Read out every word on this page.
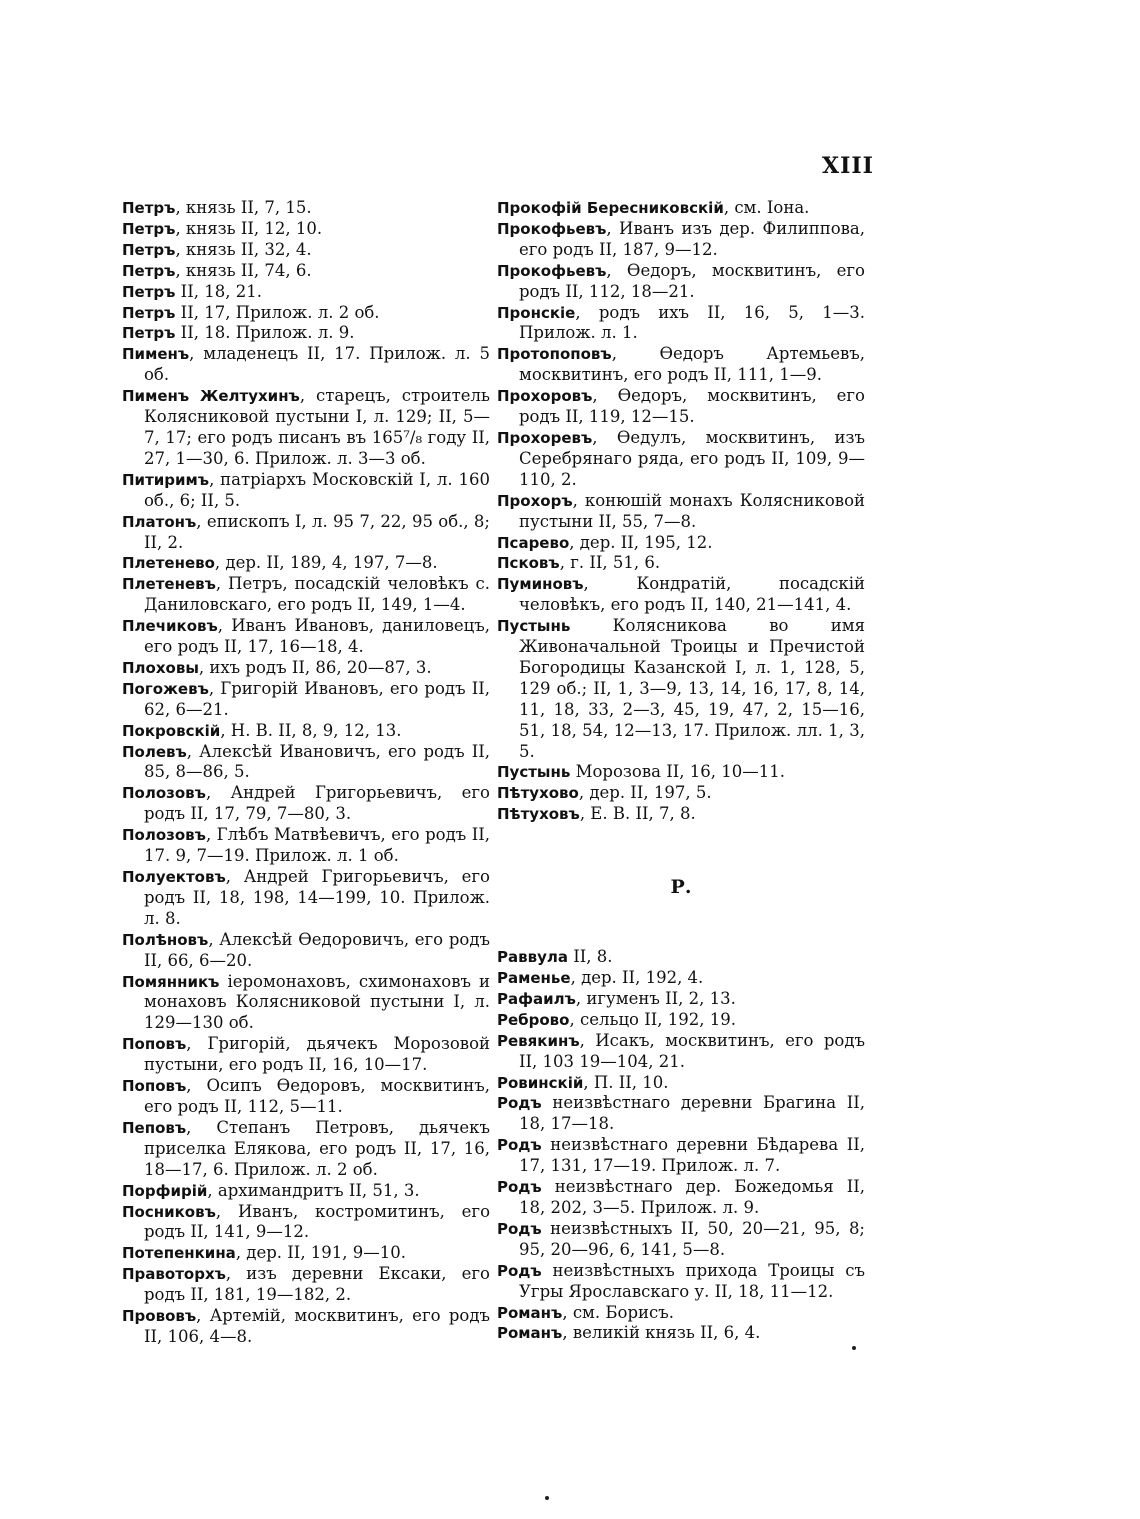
XIII

Петръ, князь II, 7, 15.

Петръ, князь II, 12, 10.

Петръ, князь II, 32, 4.

Петръ, князь II, 74, 6.

Петръ II, 18, 21.

Петръ II, 17, Прилож. л. 2 об.

Петръ II, 18. Прилож. л. 9.

Пименъ, младенецъ II, 17. Прилож. л. 5 об.

Пименъ Желтухинъ, старецъ, строитель Колясниковой пустыни I, л. 129; II, 5—7, 17; его родъ писанъ въ 165⁷/₈ году II, 27, 1—30, 6. Прилож. л. 3—3 об.

Питиримъ, патріархъ Московскій I, л. 160 об., 6; II, 5.

Платонъ, епископъ I, л. 95 7, 22, 95 об., 8; II, 2.

Плетенево, дер. II, 189, 4, 197, 7—8.

Плетеневъ, Петръ, посадскій человѣкъ с. Даниловскаго, его родъ II, 149, 1—4.

Плечиковъ, Иванъ Ивановъ, даниловецъ, его родъ II, 17, 16—18, 4.

Плоховы, ихъ родъ II, 86, 20—87, 3.

Погожевъ, Григорій Ивановъ, его родъ II, 62, 6—21.

Покровскій, Н. В. II, 8, 9, 12, 13.

Полевъ, Алексѣй Ивановичъ, его родъ II, 85, 8—86, 5.

Полозовъ, Андрей Григорьевичъ, его родъ II, 17, 79, 7—80, 3.

Полозовъ, Глѣбъ Матвѣевичъ, его родъ II, 17. 9, 7—19. Прилож. л. 1 об.

Полуектовъ, Андрей Григорьевичъ, его родъ II, 18, 198, 14—199, 10. Прилож. л. 8.

Полѣновъ, Алексѣй Ѳедоровичъ, его родъ II, 66, 6—20.

Помянникъ іеромонаховъ, схимонаховъ и монаховъ Колясниковой пустыни I, л. 129—130 об.

Поповъ, Григорій, дьячекъ Морозовой пустыни, его родъ II, 16, 10—17.

Поповъ, Осипъ Ѳедоровъ, москвитинъ, его родъ II, 112, 5—11.

Пеповъ, Степанъ Петровъ, дьячекъ приселка Елякова, его родъ II, 17, 16, 18—17, 6. Прилож. л. 2 об.

Порфирій, архимандритъ II, 51, 3.

Посниковъ, Иванъ, костромитинъ, его родъ II, 141, 9—12.

Потепенкина, дер. II, 191, 9—10.

Правоторхъ, изъ деревни Ексаки, его родъ II, 181, 19—182, 2.

Прововъ, Артемій, москвитинъ, его родъ II, 106, 4—8.

Прокофій Бересниковскій, см. Іона.

Прокофьевъ, Иванъ изъ дер. Филиппова, его родъ II, 187, 9—12.

Прокофьевъ, Ѳедоръ, москвитинъ, его родъ II, 112, 18—21.

Пронскіе, родъ ихъ II, 16, 5, 1—3. Прилож. л. 1.

Протопоповъ, Ѳедоръ Артемьевъ, москвитинъ, его родъ II, 111, 1—9.

Прохоровъ, Ѳедоръ, москвитинъ, его родъ II, 119, 12—15.

Прохоревъ, Ѳедулъ, москвитинъ, изъ Серебрянаго ряда, его родъ II, 109, 9—110, 2.

Прохоръ, конюшій монахъ Колясниковой пустыни II, 55, 7—8.

Псарево, дер. II, 195, 12.

Псковъ, г. II, 51, 6.

Пуминовъ, Кондратій, посадскій человѣкъ, его родъ II, 140, 21—141, 4.

Пустынь Колясникова во имя Живоначальной Троицы и Пречистой Богородицы Казанской I, л. 1, 128, 5, 129 об.; II, 1, 3—9, 13, 14, 16, 17, 8, 14, 11, 18, 33, 2—3, 45, 19, 47, 2, 15—16, 51, 18, 54, 12—13, 17. Прилож. лл. 1, 3, 5.

Пустынь Морозова II, 16, 10—11.

Пѣтухово, дер. II, 197, 5.

Пѣтуховъ, Е. В. II, 7, 8.

Р.

Раввула II, 8.

Раменье, дер. II, 192, 4.

Рафаилъ, игуменъ II, 2, 13.

Реброво, сельцо II, 192, 19.

Ревякинъ, Исакъ, москвитинъ, его родъ II, 103 19—104, 21.

Ровинскій, П. II, 10.

Родъ неизвѣстнаго деревни Брагина II, 18, 17—18.

Родъ неизвѣстнаго деревни Бѣдарева II, 17, 131, 17—19. Прилож. л. 7.

Родъ неизвѣстнаго дер. Божедомья II, 18, 202, 3—5. Прилож. л. 9.

Родъ неизвѣстныхъ II, 50, 20—21, 95, 8; 95, 20—96, 6, 141, 5—8.

Родъ неизвѣстныхъ прихода Троицы съ Угры Ярославскаго у. II, 18, 11—12.

Романъ, см. Борисъ.

Романъ, великій князь II, 6, 4.
